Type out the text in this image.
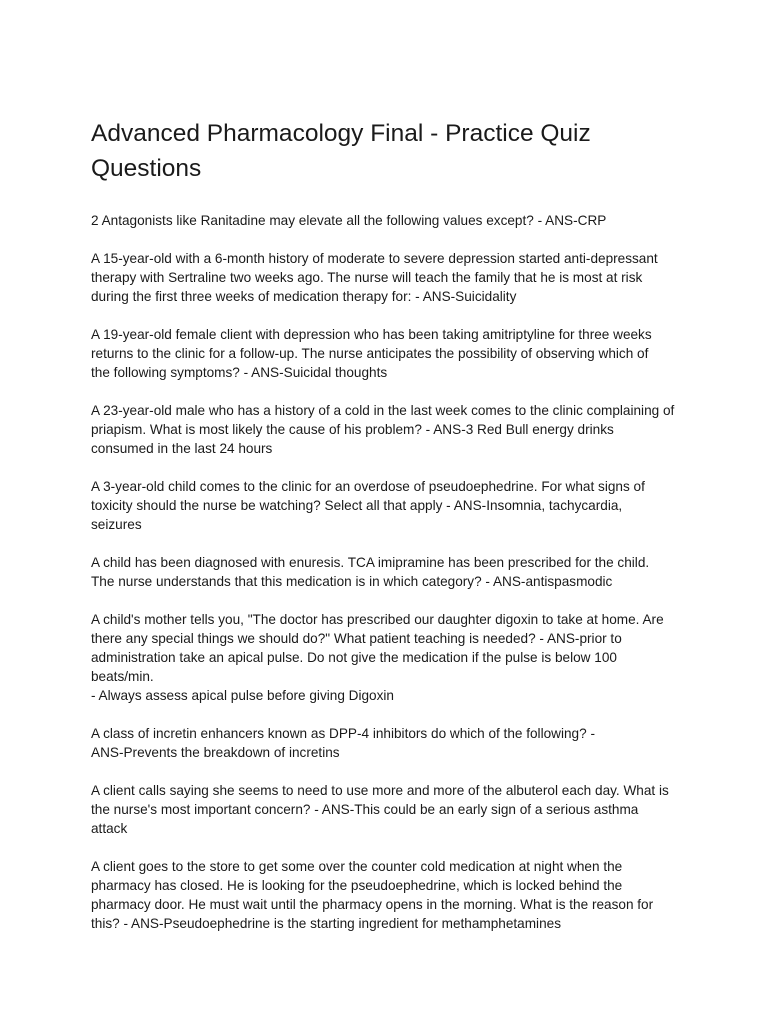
Advanced Pharmacology Final - Practice Quiz Questions

2 Antagonists like Ranitadine may elevate all the following values except? - ANS-CRP

A 15-year-old with a 6-month history of moderate to severe depression started anti-depressant
therapy with Sertraline two weeks ago. The nurse will teach the family that he is most at risk
during the first three weeks of medication therapy for: - ANS-Suicidality

A 19-year-old female client with depression who has been taking amitriptyline for three weeks
returns to the clinic for a follow-up. The nurse anticipates the possibility of observing which of
the following symptoms? - ANS-Suicidal thoughts

A 23-year-old male who has a history of a cold in the last week comes to the clinic complaining of
priapism. What is most likely the cause of his problem? - ANS-3 Red Bull energy drinks
consumed in the last 24 hours

A 3-year-old child comes to the clinic for an overdose of pseudoephedrine. For what signs of
toxicity should the nurse be watching? Select all that apply - ANS-Insomnia, tachycardia,
seizures

A child has been diagnosed with enuresis. TCA imipramine has been prescribed for the child.
The nurse understands that this medication is in which category? - ANS-antispasmodic

A child's mother tells you, "The doctor has prescribed our daughter digoxin to take at home. Are
there any special things we should do?" What patient teaching is needed? - ANS-prior to
administration take an apical pulse. Do not give the medication if the pulse is below 100
beats/min.
- Always assess apical pulse before giving Digoxin

A class of incretin enhancers known as DPP-4 inhibitors do which of the following? -
ANS-Prevents the breakdown of incretins

A client calls saying she seems to need to use more and more of the albuterol each day. What is
the nurse's most important concern? - ANS-This could be an early sign of a serious asthma
attack

A client goes to the store to get some over the counter cold medication at night when the
pharmacy has closed. He is looking for the pseudoephedrine, which is locked behind the
pharmacy door. He must wait until the pharmacy opens in the morning. What is the reason for
this? - ANS-Pseudoephedrine is the starting ingredient for methamphetamines
